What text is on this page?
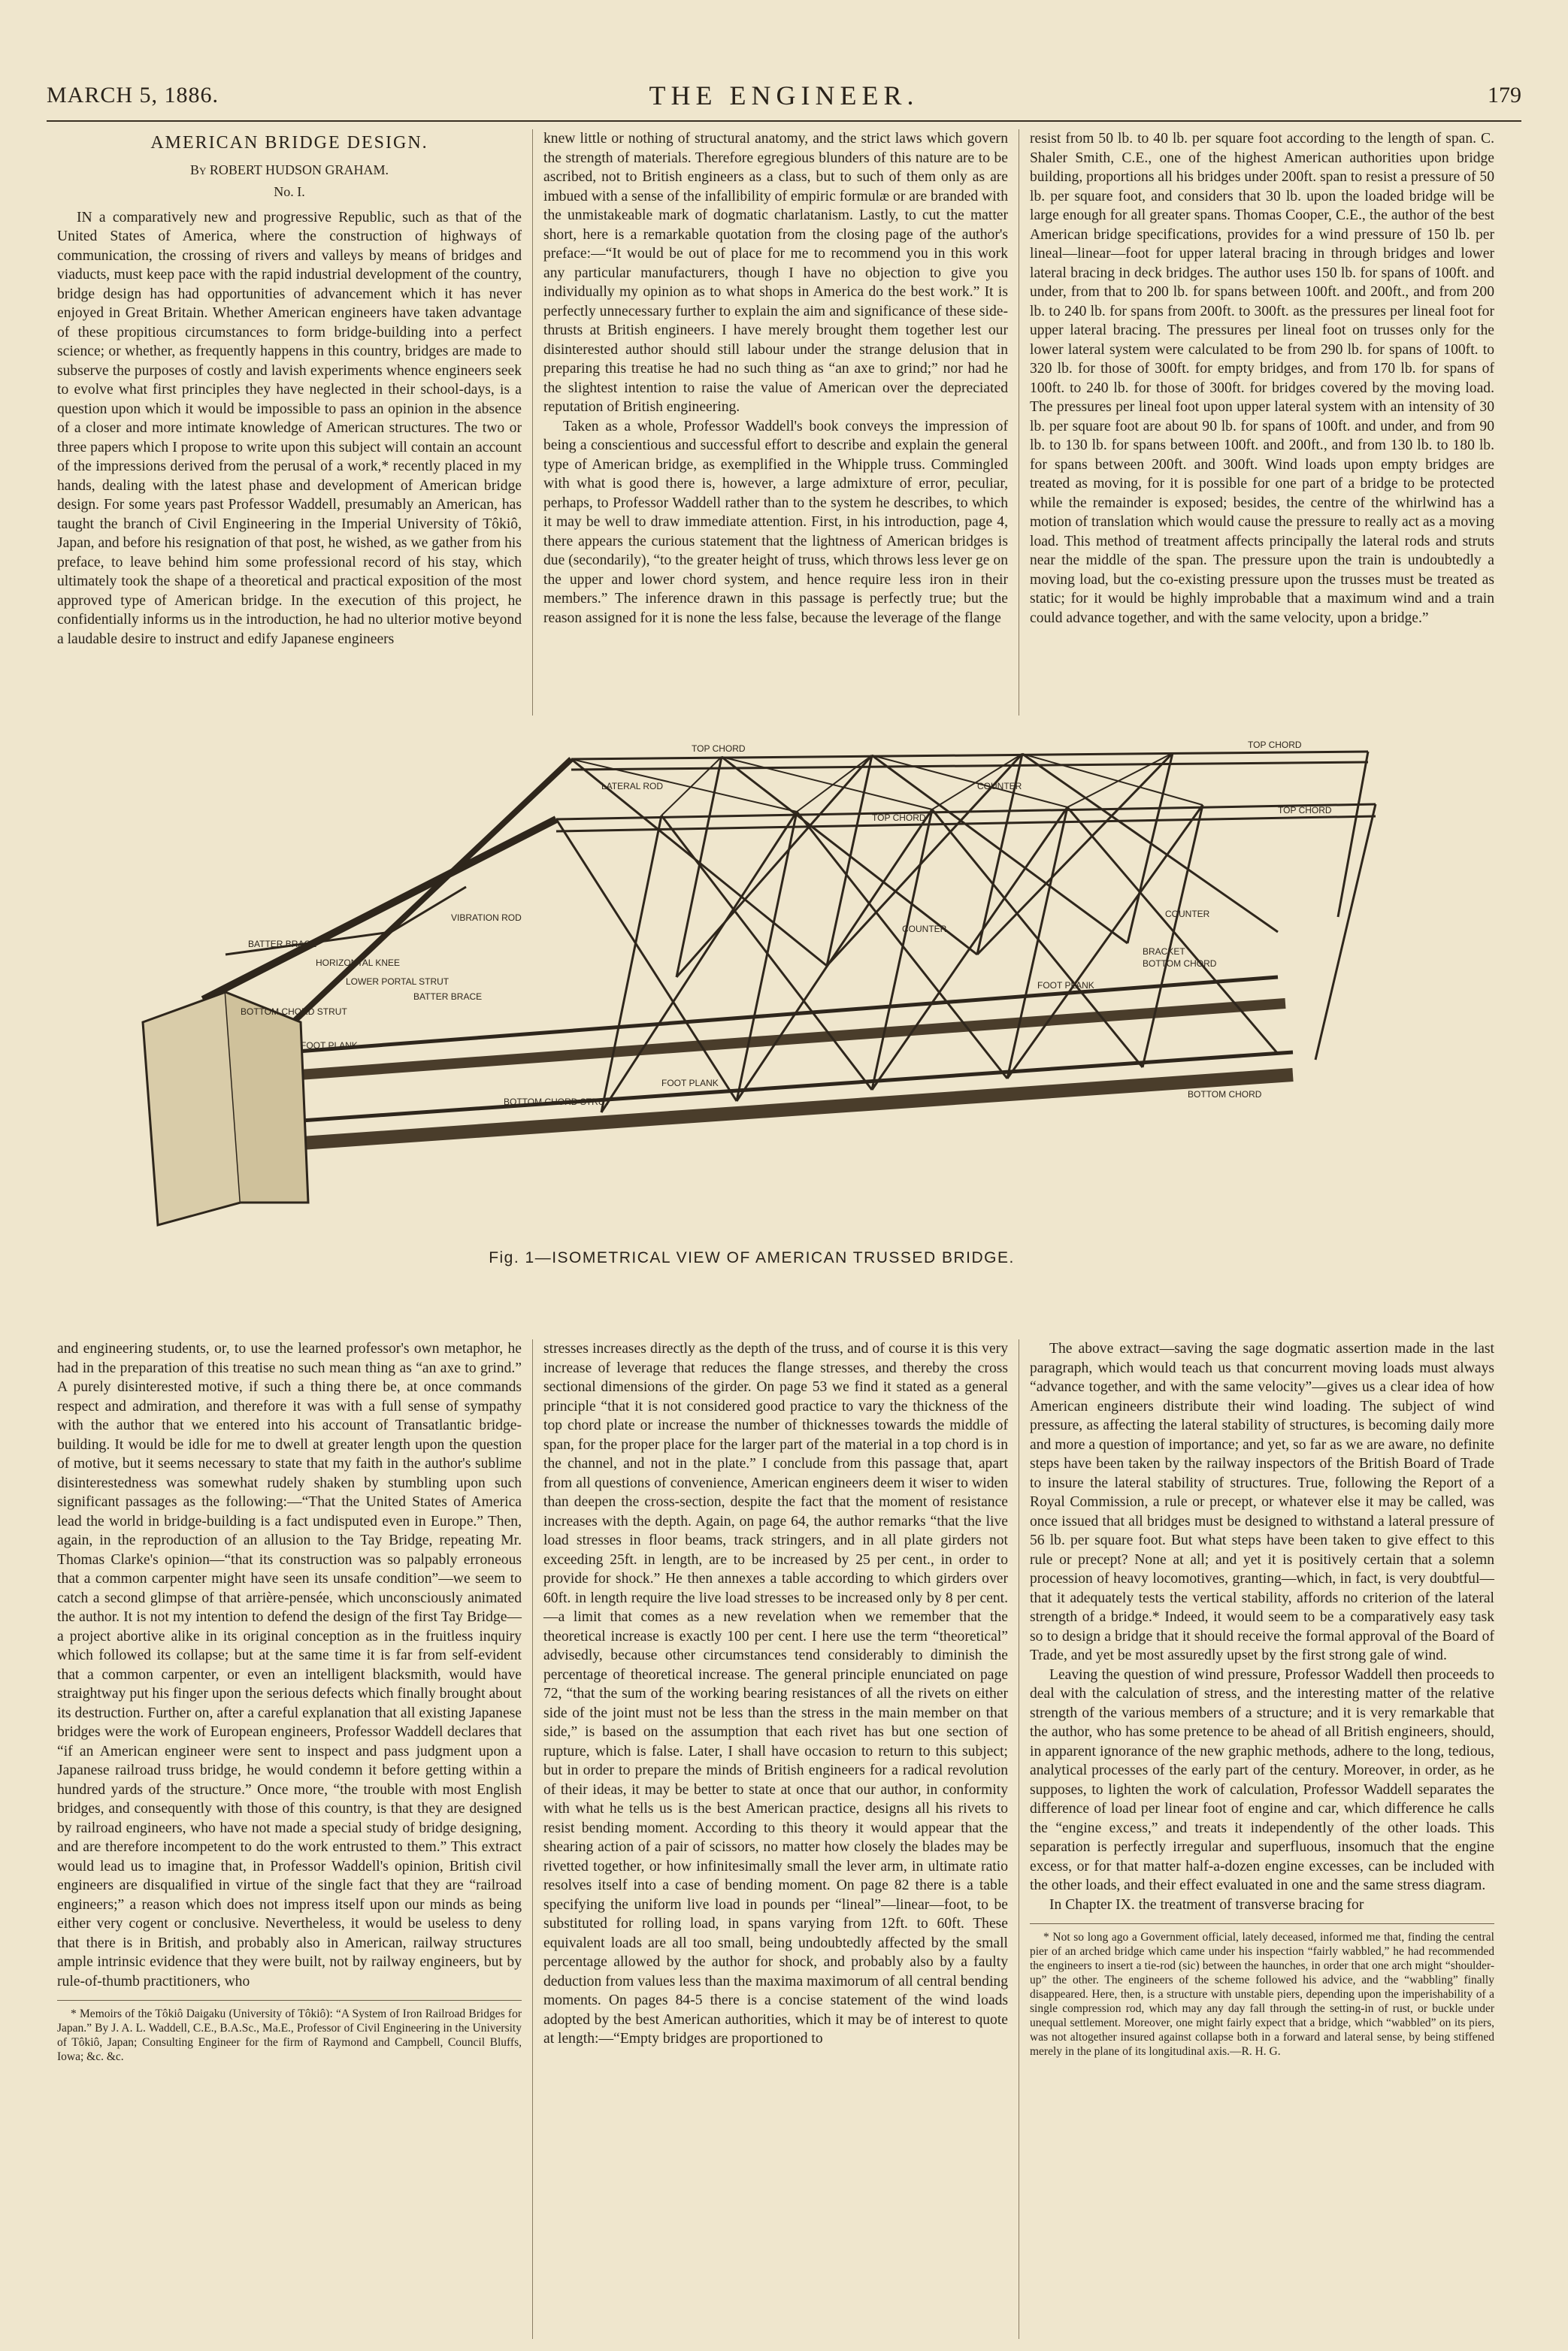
MARCH 5, 1886.	THE ENGINEER.	179
AMERICAN BRIDGE DESIGN.
By ROBERT HUDSON GRAHAM.
No. I.

IN a comparatively new and progressive Republic, such as that of the United States of America, where the construction of highways of communication, the crossing of rivers and valleys by means of bridges and viaducts, must keep pace with the rapid industrial development of the country, bridge design has had opportunities of advancement which it has never enjoyed in Great Britain. Whether American engineers have taken advantage of these propitious circumstances to form bridge-building into a perfect science; or whether, as frequently happens in this country, bridges are made to subserve the purposes of costly and lavish experiments whence engineers seek to evolve what first principles they have neglected in their school-days, is a question upon which it would be impossible to pass an opinion in the absence of a closer and more intimate knowledge of American structures. The two or three papers which I propose to write upon this subject will contain an account of the impressions derived from the perusal of a work,* recently placed in my hands, dealing with the latest phase and development of American bridge design. For some years past Professor Waddell, presumably an American, has taught the branch of Civil Engineering in the Imperial University of Tôkiô, Japan, and before his resignation of that post, he wished, as we gather from his preface, to leave behind him some professional record of his stay, which ultimately took the shape of a theoretical and practical exposition of the most approved type of American bridge. In the execution of this project, he confidentially informs us in the introduction, he had no ulterior motive beyond a laudable desire to instruct and edify Japanese engineers

knew little or nothing of structural anatomy, and the strict laws which govern the strength of materials. Therefore egregious blunders of this nature are to be ascribed, not to British engineers as a class, but to such of them only as are imbued with a sense of the infallibility of empiric formulæ or are branded with the unmistakeable mark of dogmatic charlatanism. Lastly, to cut the matter short, here is a remarkable quotation from the closing page of the author's preface:—“It would be out of place for me to recommend you in this work any particular manufacturers, though I have no objection to give you individually my opinion as to what shops in America do the best work.” It is perfectly unnecessary further to explain the aim and significance of these side-thrusts at British engineers. I have merely brought them together lest our disinterested author should still labour under the strange delusion that in preparing this treatise he had no such thing as “an axe to grind;” nor had he the slightest intention to raise the value of American over the depreciated reputation of British engineering.

Taken as a whole, Professor Waddell's book conveys the impression of being a conscientious and successful effort to describe and explain the general type of American bridge, as exemplified in the Whipple truss. Commingled with what is good there is, however, a large admixture of error, peculiar, perhaps, to Professor Waddell rather than to the system he describes, to which it may be well to draw immediate attention. First, in his introduction, page 4, there appears the curious statement that the lightness of American bridges is due (secondarily), “to the greater height of truss, which throws less lever ge on the upper and lower chord system, and hence require less iron in their members.” The inference drawn in this passage is perfectly true; but the reason assigned for it is none the less false, because the leverage of the flange

resist from 50 lb. to 40 lb. per square foot according to the length of span. C. Shaler Smith, C.E., one of the highest American authorities upon bridge building, proportions all his bridges under 200ft. span to resist a pressure of 50 lb. per square foot, and considers that 30 lb. upon the loaded bridge will be large enough for all greater spans. Thomas Cooper, C.E., the author of the best American bridge specifications, provides for a wind pressure of 150 lb. per lineal—linear—foot for upper lateral bracing in through bridges and lower lateral bracing in deck bridges. The author uses 150 lb. for spans of 100ft. and under, from that to 200 lb. for spans between 100ft. and 200ft., and from 200 lb. to 240 lb. for spans from 200ft. to 300ft. as the pressures per lineal foot for upper lateral bracing. The pressures per lineal foot on trusses only for the lower lateral system were calculated to be from 290 lb. for spans of 100ft. to 320 lb. for those of 300ft. for empty bridges, and from 170 lb. for spans of 100ft. to 240 lb. for those of 300ft. for bridges covered by the moving load. The pressures per lineal foot upon upper lateral system with an intensity of 30 lb. per square foot are about 90 lb. for spans of 100ft. and under, and from 90 lb. to 130 lb. for spans between 100ft. and 200ft., and from 130 lb. to 180 lb. for spans between 200ft. and 300ft. Wind loads upon empty bridges are treated as moving, for it is possible for one part of a bridge to be protected while the remainder is exposed; besides, the centre of the whirlwind has a motion of translation which would cause the pressure to really act as a moving load. This method of treatment affects principally the lateral rods and struts near the middle of the span. The pressure upon the train is undoubtedly a moving load, but the co-existing pressure upon the trusses must be treated as static; for it would be highly improbable that a maximum wind and a train could advance together, and with the same velocity, upon a bridge.”

TOP CHORD	TOP CHORD
TOP CHORD
TOP CHORD
BATTER BRACE
BATTER BRACE
VIBRATION ROD
LATERAL ROD	COUNTER
COUNTER
COUNTER
BRACKET
BOTTOM CHORD
BOTTOM CHORD
BOTTOM CHORD STRUT
BOTTOM CHORD STRUT
FOOT PLANK
FOOT PLANK
FOOT PLANK
LOWER PORTAL STRUT
HORIZONTAL KNEE
Fig. 1—ISOMETRICAL VIEW OF AMERICAN TRUSSED BRIDGE.

and engineering students, or, to use the learned professor's own metaphor, he had in the preparation of this treatise no such mean thing as “an axe to grind.” A purely disinterested motive, if such a thing there be, at once commands respect and admiration, and therefore it was with a full sense of sympathy with the author that we entered into his account of Transatlantic bridge-building. It would be idle for me to dwell at greater length upon the question of motive, but it seems necessary to state that my faith in the author's sublime disinterestedness was somewhat rudely shaken by stumbling upon such significant passages as the following:—“That the United States of America lead the world in bridge-building is a fact undisputed even in Europe.” Then, again, in the reproduction of an allusion to the Tay Bridge, repeating Mr. Thomas Clarke's opinion—“that its construction was so palpably erroneous that a common carpenter might have seen its unsafe condition”—we seem to catch a second glimpse of that arrière-pensée, which unconsciously animated the author. It is not my intention to defend the design of the first Tay Bridge—a project abortive alike in its original conception as in the fruitless inquiry which followed its collapse; but at the same time it is far from self-evident that a common carpenter, or even an intelligent blacksmith, would have straightway put his finger upon the serious defects which finally brought about its destruction. Further on, after a careful explanation that all existing Japanese bridges were the work of European engineers, Professor Waddell declares that “if an American engineer were sent to inspect and pass judgment upon a Japanese railroad truss bridge, he would condemn it before getting within a hundred yards of the structure.” Once more, “the trouble with most English bridges, and consequently with those of this country, is that they are designed by railroad engineers, who have not made a special study of bridge designing, and are therefore incompetent to do the work entrusted to them.” This extract would lead us to imagine that, in Professor Waddell's opinion, British civil engineers are disqualified in virtue of the single fact that they are “railroad engineers;” a reason which does not impress itself upon our minds as being either very cogent or conclusive. Nevertheless, it would be useless to deny that there is in British, and probably also in American, railway structures ample intrinsic evidence that they were built, not by railway engineers, but by rule-of-thumb practitioners, who

* Memoirs of the Tôkiô Daigaku (University of Tôkiô): “A System of Iron Railroad Bridges for Japan.” By J. A. L. Waddell, C.E., B.A.Sc., Ma.E., Professor of Civil Engineering in the University of Tôkiô, Japan; Consulting Engineer for the firm of Raymond and Campbell, Council Bluffs, Iowa; &c. &c.

stresses increases directly as the depth of the truss, and of course it is this very increase of leverage that reduces the flange stresses, and thereby the cross sectional dimensions of the girder. On page 53 we find it stated as a general principle “that it is not considered good practice to vary the thickness of the top chord plate or increase the number of thicknesses towards the middle of span, for the proper place for the larger part of the material in a top chord is in the channel, and not in the plate.” I conclude from this passage that, apart from all questions of convenience, American engineers deem it wiser to widen than deepen the cross-section, despite the fact that the moment of resistance increases with the depth. Again, on page 64, the author remarks “that the live load stresses in floor beams, track stringers, and in all plate girders not exceeding 25ft. in length, are to be increased by 25 per cent., in order to provide for shock.” He then annexes a table according to which girders over 60ft. in length require the live load stresses to be increased only by 8 per cent.—a limit that comes as a new revelation when we remember that the theoretical increase is exactly 100 per cent. I here use the term “theoretical” advisedly, because other circumstances tend considerably to diminish the percentage of theoretical increase. The general principle enunciated on page 72, “that the sum of the working bearing resistances of all the rivets on either side of the joint must not be less than the stress in the main member on that side,” is based on the assumption that each rivet has but one section of rupture, which is false. Later, I shall have occasion to return to this subject; but in order to prepare the minds of British engineers for a radical revolution of their ideas, it may be better to state at once that our author, in conformity with what he tells us is the best American practice, designs all his rivets to resist bending moment. According to this theory it would appear that the shearing action of a pair of scissors, no matter how closely the blades may be rivetted together, or how infinitesimally small the lever arm, in ultimate ratio resolves itself into a case of bending moment. On page 82 there is a table specifying the uniform live load in pounds per “lineal”—linear—foot, to be substituted for rolling load, in spans varying from 12ft. to 60ft. These equivalent loads are all too small, being undoubtedly affected by the small percentage allowed by the author for shock, and probably also by a faulty deduction from values less than the maxima maximorum of all central bending moments. On pages 84-5 there is a concise statement of the wind loads adopted by the best American authorities, which it may be of interest to quote at length:—“Empty bridges are proportioned to

The above extract—saving the sage dogmatic assertion made in the last paragraph, which would teach us that concurrent moving loads must always “advance together, and with the same velocity”—gives us a clear idea of how American engineers distribute their wind loading. The subject of wind pressure, as affecting the lateral stability of structures, is becoming daily more and more a question of importance; and yet, so far as we are aware, no definite steps have been taken by the railway inspectors of the British Board of Trade to insure the lateral stability of structures. True, following the Report of a Royal Commission, a rule or precept, or whatever else it may be called, was once issued that all bridges must be designed to withstand a lateral pressure of 56 lb. per square foot. But what steps have been taken to give effect to this rule or precept? None at all; and yet it is positively certain that a solemn procession of heavy locomotives, granting—which, in fact, is very doubtful—that it adequately tests the vertical stability, affords no criterion of the lateral strength of a bridge.* Indeed, it would seem to be a comparatively easy task so to design a bridge that it should receive the formal approval of the Board of Trade, and yet be most assuredly upset by the first strong gale of wind.

Leaving the question of wind pressure, Professor Waddell then proceeds to deal with the calculation of stress, and the interesting matter of the relative strength of the various members of a structure; and it is very remarkable that the author, who has some pretence to be ahead of all British engineers, should, in apparent ignorance of the new graphic methods, adhere to the long, tedious, analytical processes of the early part of the century. Moreover, in order, as he supposes, to lighten the work of calculation, Professor Waddell separates the difference of load per linear foot of engine and car, which difference he calls the “engine excess,” and treats it independently of the other loads. This separation is perfectly irregular and superfluous, insomuch that the engine excess, or for that matter half-a-dozen engine excesses, can be included with the other loads, and their effect evaluated in one and the same stress diagram.

In Chapter IX. the treatment of transverse bracing for

* Not so long ago a Government official, lately deceased, informed me that, finding the central pier of an arched bridge which came under his inspection “fairly wabbled,” he had recommended the engineers to insert a tie-rod (sic) between the haunches, in order that one arch might “shoulder-up” the other. The engineers of the scheme followed his advice, and the “wabbling” finally disappeared. Here, then, is a structure with unstable piers, depending upon the imperishability of a single compression rod, which may any day fall through the setting-in of rust, or buckle under unequal settlement. Moreover, one might fairly expect that a bridge, which “wabbled” on its piers, was not altogether insured against collapse both in a forward and lateral sense, by being stiffened merely in the plane of its longitudinal axis.—R. H. G.
